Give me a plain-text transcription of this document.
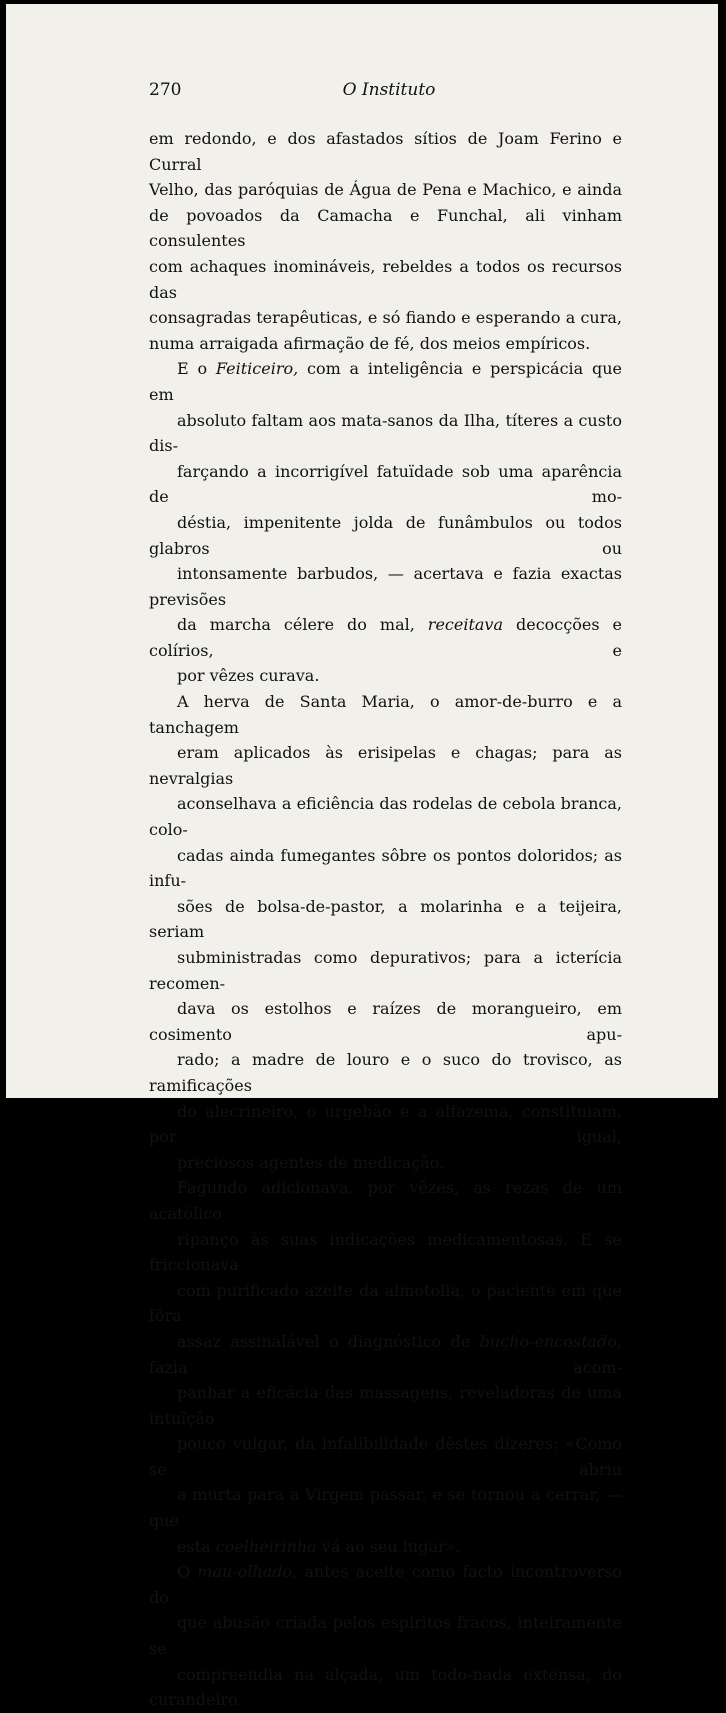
270	O Instituto

em redondo, e dos afastados sítios de Joam Ferino e Curral
Velho, das paróquias de Água de Pena e Machico, e ainda
de povoados da Camacha e Funchal, ali vinham consulentes
com achaques inomináveis, rebeldes a todos os recursos das
consagradas terapêuticas, e só fiando e esperando a cura,
numa arraigada afirmação de fé, dos meios empíricos.

E o Feiticeiro, com a inteligência e perspicácia que em
absoluto faltam aos mata-sanos da Ilha, títeres a custo dis-
farçando a incorrigível fatuïdade sob uma aparência de mo-
déstia, impenitente jolda de funâmbulos ou todos glabros ou
intonsamente barbudos, — acertava e fazia exactas previsões
da marcha célere do mal, receitava decocções e colírios, e
por vêzes curava.

A herva de Santa Maria, o amor-de-burro e a tanchagem
eram aplicados às erisipelas e chagas; para as nevralgias
aconselhava a eficiência das rodelas de cebola branca, colo-
cadas ainda fumegantes sôbre os pontos doloridos; as infu-
sões de bolsa-de-pastor, a molarinha e a teijeira, seriam
subministradas como depurativos; para a icterícia recomen-
dava os estolhos e raízes de morangueiro, em cosimento apu-
rado; a madre de louro e o suco do trovisco, as ramificações
do alecrineiro, o urgebão e a alfazema, constituiam, por igual,
preciosos agentes de medicação.

Fagundo adicionava, por vêzes, as rezas de um acatólico
ripanço às suas indicações medicamentosas. E se friccionava
com purificado azeite da almotolia, o paciente em que fôra
assaz assinalável o diagnóstico de bucho-encostado, fazia acom-
panhar a eficácia das massagens, reveladoras de uma intuïção
pouco vulgar, da infalibilidade dêstes dizeres: «Como se abriu
a murta para a Virgem passar, e se tornou a cerrar, — que
esta coelheirinha vá ao seu lugar».

O mau-olhado, antes aceite como facto incontroverso do
que abusão criada pelos espíritos fracos, inteiramente se
compreendia na alçada, um todo-nada extensa, do curandeiro.
